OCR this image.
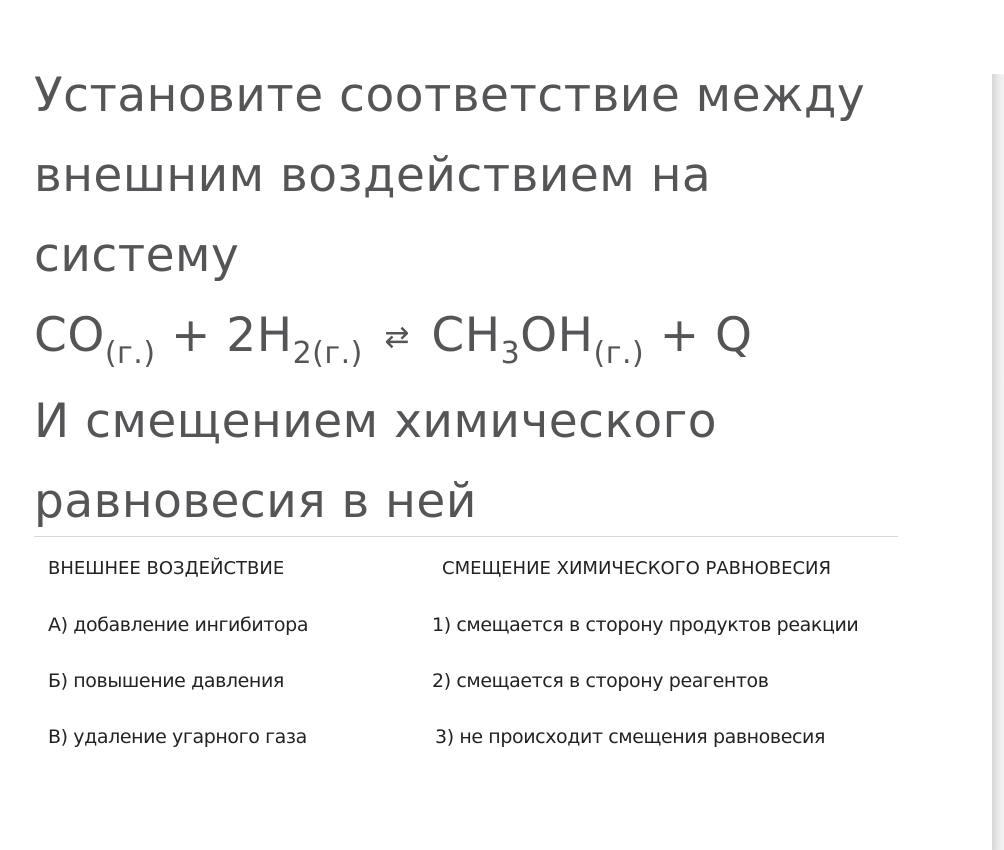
Установите соответствие между
внешним воздействием на
систему
$CO_{(г.)} + 2H_{2(г.)}$ ⇄ $CH_3OH_{(г.)} + Q$
И смещением химического
равновесия в ней
ВНЕШНЕЕ ВОЗДЕЙСТВИЕ	СМЕЩЕНИЕ ХИМИЧЕСКОГО РАВНОВЕСИЯ
А) добавление ингибитора
Б) повышение давления
В) удаление угарного газа
1) смещается в сторону продуктов реакции
2) смещается в сторону реагентов
3) не происходит смещения равновесия
